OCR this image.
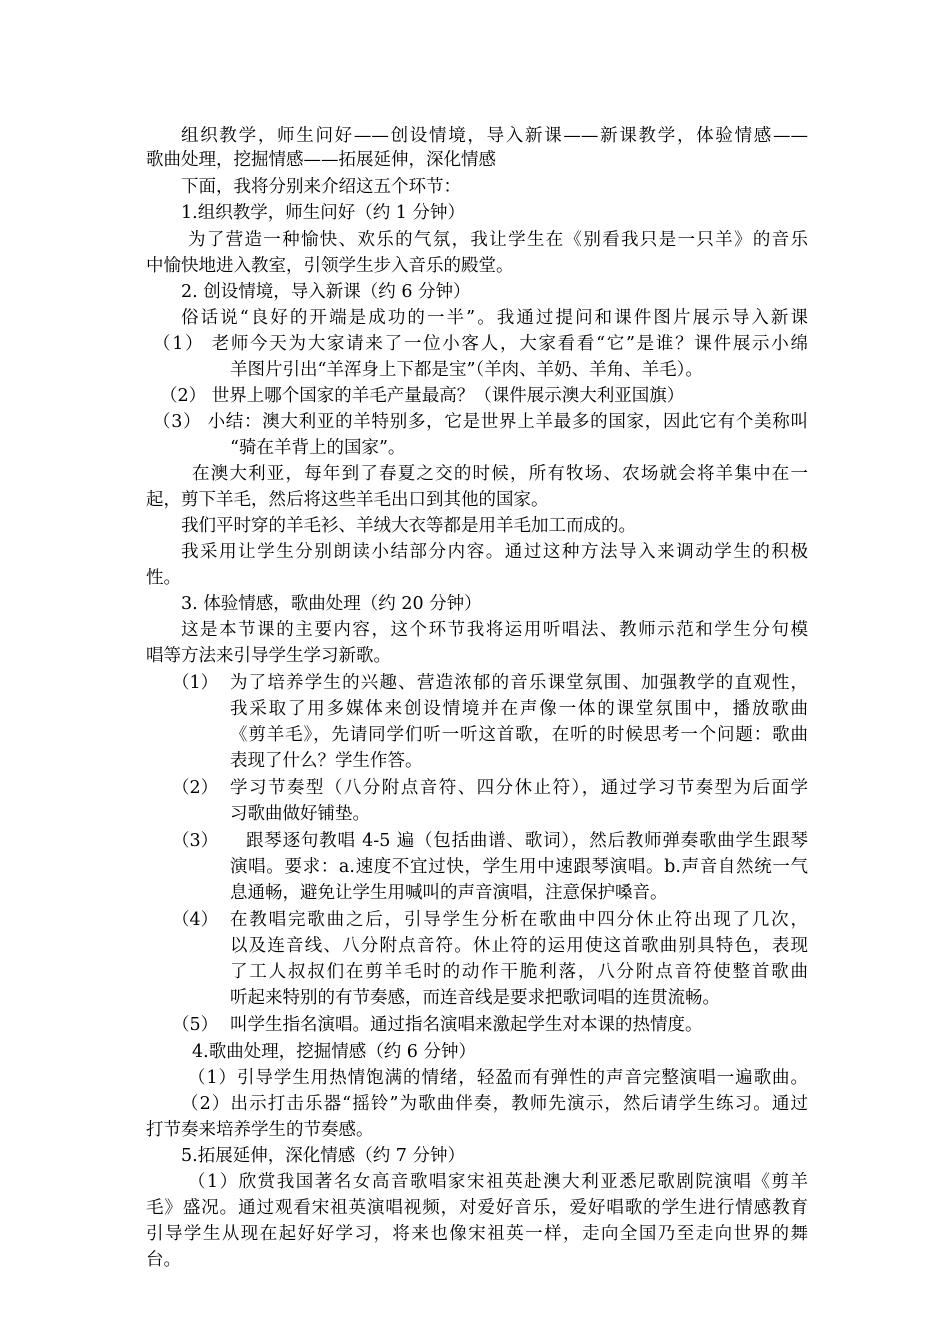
组织教学，师生问好——创设情境，导入新课——新课教学，体验情感——
歌曲处理，挖掘情感——拓展延伸，深化情感
下面，我将分别来介绍这五个环节：
1.组织教学，师生问好（约 1 分钟）
为了营造一种愉快、欢乐的气氛，我让学生在《别看我只是一只羊》的音乐
中愉快地进入教室，引领学生步入音乐的殿堂。
2. 创设情境，导入新课（约 6 分钟）
俗话说“良好的开端是成功的一半”。我通过提问和课件图片展示导入新课
（1） 老师今天为大家请来了一位小客人，大家看看“它”是谁？课件展示小绵
羊图片引出“羊浑身上下都是宝”（羊肉、羊奶、羊角、羊毛）。
（2） 世界上哪个国家的羊毛产量最高？（课件展示澳大利亚国旗）
（3） 小结：澳大利亚的羊特别多，它是世界上羊最多的国家，因此它有个美称叫
“骑在羊背上的国家”。
在澳大利亚，每年到了春夏之交的时候，所有牧场、农场就会将羊集中在一
起，剪下羊毛，然后将这些羊毛出口到其他的国家。
我们平时穿的羊毛衫、羊绒大衣等都是用羊毛加工而成的。
我采用让学生分别朗读小结部分内容。通过这种方法导入来调动学生的积极
性。
3. 体验情感，歌曲处理（约 20 分钟）
这是本节课的主要内容，这个环节我将运用听唱法、教师示范和学生分句模
唱等方法来引导学生学习新歌。
（1） 为了培养学生的兴趣、营造浓郁的音乐课堂氛围、加强教学的直观性，
我采取了用多媒体来创设情境并在声像一体的课堂氛围中，播放歌曲
《剪羊毛》，先请同学们听一听这首歌，在听的时候思考一个问题：歌曲
表现了什么？学生作答。
（2） 学习节奏型（八分附点音符、四分休止符），通过学习节奏型为后面学
习歌曲做好铺垫。
（3） 跟琴逐句教唱 4-5 遍（包括曲谱、歌词），然后教师弹奏歌曲学生跟琴
演唱。要求：a.速度不宜过快，学生用中速跟琴演唱。b.声音自然统一气
息通畅，避免让学生用喊叫的声音演唱，注意保护嗓音。
（4） 在教唱完歌曲之后，引导学生分析在歌曲中四分休止符出现了几次，
以及连音线、八分附点音符。休止符的运用使这首歌曲别具特色，表现
了工人叔叔们在剪羊毛时的动作干脆利落，八分附点音符使整首歌曲
听起来特别的有节奏感，而连音线是要求把歌词唱的连贯流畅。
（5） 叫学生指名演唱。通过指名演唱来激起学生对本课的热情度。
4.歌曲处理，挖掘情感（约 6 分钟）
（1）引导学生用热情饱满的情绪，轻盈而有弹性的声音完整演唱一遍歌曲。
（2）出示打击乐器“摇铃”为歌曲伴奏，教师先演示，然后请学生练习。通过
打节奏来培养学生的节奏感。
5.拓展延伸，深化情感（约 7 分钟）
（1）欣赏我国著名女高音歌唱家宋祖英赴澳大利亚悉尼歌剧院演唱《剪羊
毛》盛况。通过观看宋祖英演唱视频，对爱好音乐，爱好唱歌的学生进行情感教育
引导学生从现在起好好学习，将来也像宋祖英一样，走向全国乃至走向世界的舞
台。
